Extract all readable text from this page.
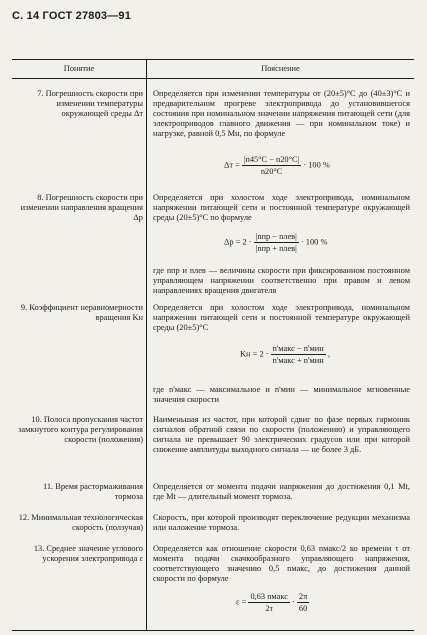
С. 14 ГОСТ 27803—91
Понятие	Пояснение
7. Погрешность скорости при изменении температуры окружающей среды Δт
Определяется при изменении температуры от (20±5)°С до (40±3)°С и предварительном прогреве электропривода до установившегося состояния при номинальном значении напряжения питающей сети (для электроприводов главного движения — при номинальном токе) и нагрузке, равной 0,5 Мн, по формуле
$\Delta т = \frac{|n45^\circ C - n20^\circ C|}{n20^\circ C} \cdot 100$ %
8. Погрешность скорости при изменении направления вращения Δр
Определяется при холостом ходе электропривода, номинальном напряжении питающей сети и постоянной температуре окружающей среды (20±5)°С по формуле
$\Delta р = 2 \cdot \frac{\text{|nпр − nлев|}}{\text{|nпр + nлев|}} \cdot 100$ %
где nпр и nлев — величины скорости при фиксированном постоянном управляющем напряжении соответственно при правом и левом направлениях вращения двигателя
9. Коэффициент неравномерности вращения Kн
Определяется при холостом ходе электропривода, номинальном напряжении питающей сети и постоянной температуре окружающей среды (20±5)°С
Kн = $2 \cdot \frac{\text{n'макс − n'мин}}{\text{n'макс + n'мин}}$ ,
где n'макс — максимальное и n'мин — минимальное мгновенные значения скорости
10. Полоса пропускания частот замкнутого контура регулирования скорости (положения)
Наименьшая из частот, при которой сдвиг по фазе первых гармоник сигналов обратной связи по скорости (положению) и управляющего сигнала не превышает 90 электрических градусов или при которой снижение амплитуды выходного сигнала — не более 3 дБ.
11. Время растормаживания тормоза
Определяется от момента подачи напряжения до достижения 0,1 Мt, где Мt — длительный момент тормоза.
12. Минимальная технологическая скорость (ползучая)
Скорость, при которой производят переключение редукции механизма или наложение тормоза.
13. Среднее значение углового ускорения электропривода ε
Определяется как отношение скорости 0,63 nмакс/2 ко времени τ от момента подачи скачкообразного управляющего напряжения, соответствующего значению 0,5 nмакс, до достижения данной скорости по формуле
$\varepsilon = \frac{\text{0,63 nмакс}}{2\tau} \cdot \frac{2\pi}{60}$
